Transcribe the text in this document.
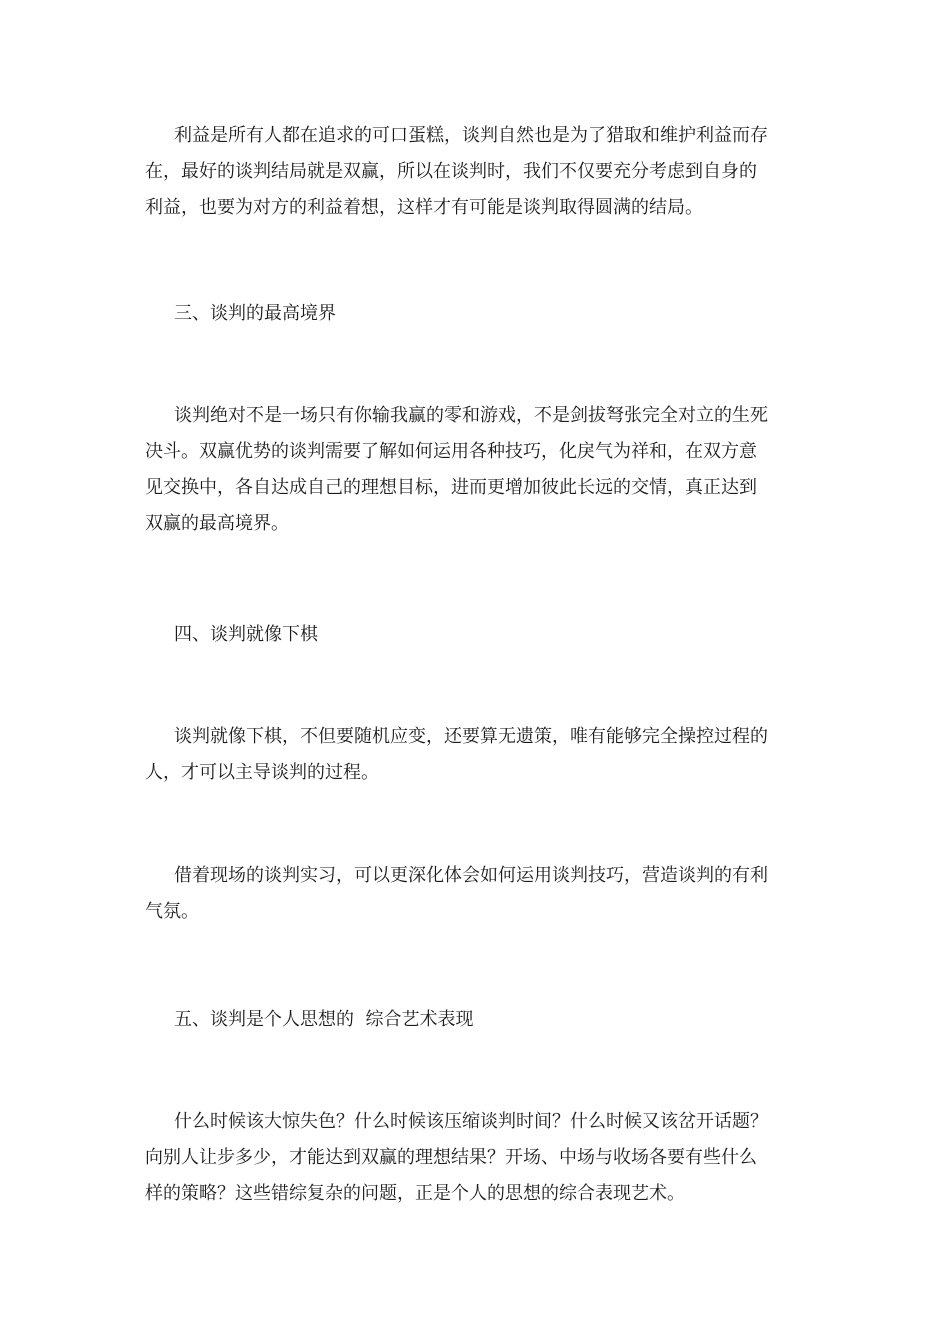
利益是所有人都在追求的可口蛋糕，谈判自然也是为了猎取和维护利益而存
在，最好的谈判结局就是双赢，所以在谈判时，我们不仅要充分考虑到自身的
利益，也要为对方的利益着想，这样才有可能是谈判取得圆满的结局。
三、谈判的最高境界
谈判绝对不是一场只有你输我赢的零和游戏，不是剑拔弩张完全对立的生死
决斗。双赢优势的谈判需要了解如何运用各种技巧，化戾气为祥和，在双方意
见交换中，各自达成自己的理想目标，进而更增加彼此长远的交情，真正达到
双赢的最高境界。
四、谈判就像下棋
谈判就像下棋，不但要随机应变，还要算无遗策，唯有能够完全操控过程的
人，才可以主导谈判的过程。
借着现场的谈判实习，可以更深化体会如何运用谈判技巧，营造谈判的有利
气氛。
五、谈判是个人思想的  综合艺术表现
什么时候该大惊失色？什么时候该压缩谈判时间？什么时候又该岔开话题？
向别人让步多少，才能达到双赢的理想结果？开场、中场与收场各要有些什么
样的策略？这些错综复杂的问题，正是个人的思想的综合表现艺术。
